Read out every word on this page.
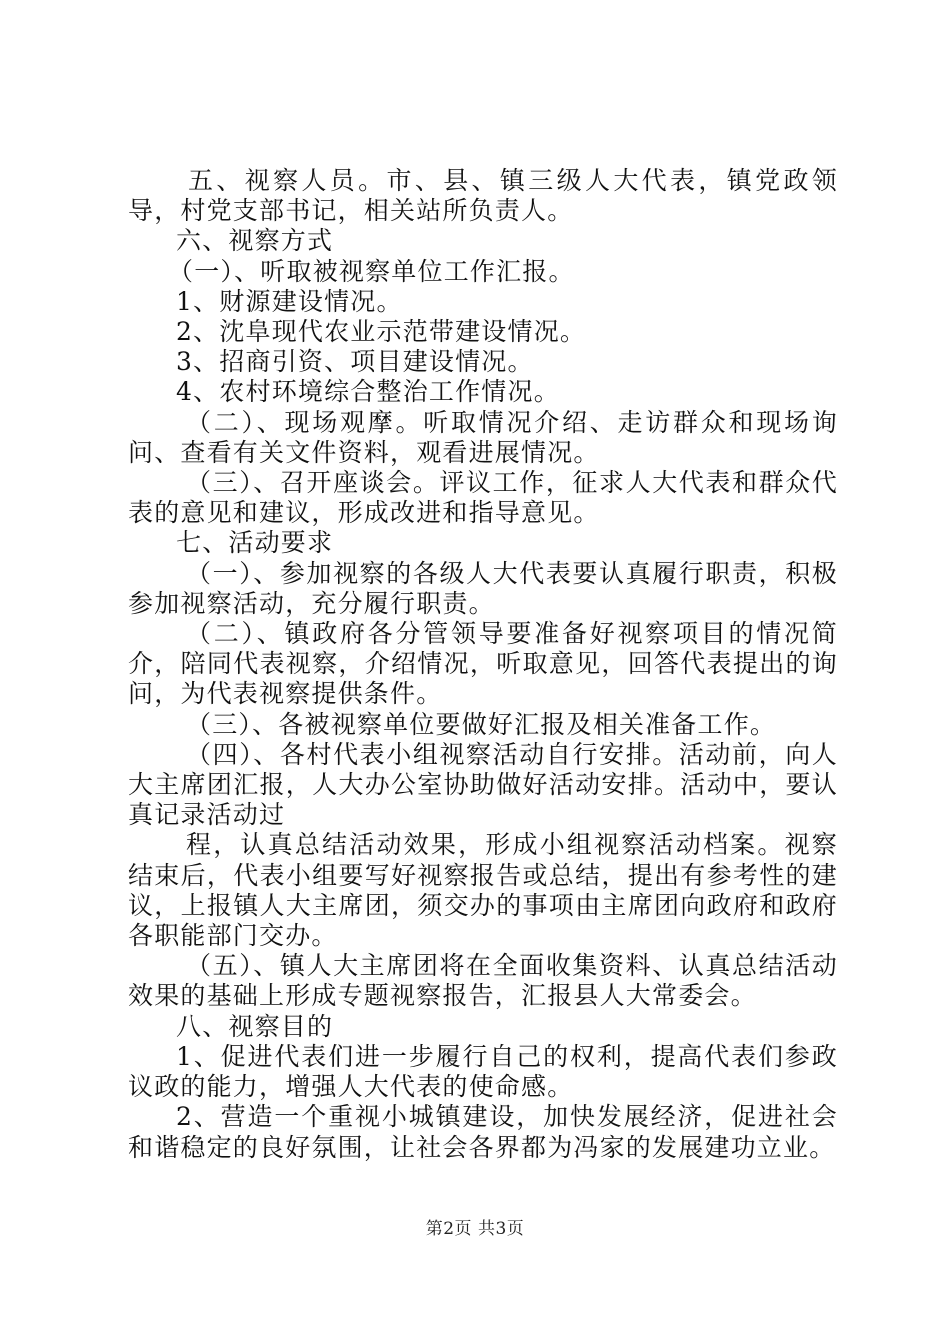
五、视察人员。市、县、镇三级人大代表，镇党政领导，村党支部书记，相关站所负责人。

六、视察方式

（一）、听取被视察单位工作汇报。

1、财源建设情况。

2、沈阜现代农业示范带建设情况。

3、招商引资、项目建设情况。

4、农村环境综合整治工作情况。

（二）、现场观摩。听取情况介绍、走访群众和现场询问、查看有关文件资料，观看进展情况。

（三）、召开座谈会。评议工作，征求人大代表和群众代表的意见和建议，形成改进和指导意见。

七、活动要求

（一）、参加视察的各级人大代表要认真履行职责，积极参加视察活动，充分履行职责。

（二）、镇政府各分管领导要准备好视察项目的情况简介，陪同代表视察，介绍情况，听取意见，回答代表提出的询问，为代表视察提供条件。

（三）、各被视察单位要做好汇报及相关准备工作。

（四）、各村代表小组视察活动自行安排。活动前，向人大主席团汇报，人大办公室协助做好活动安排。活动中，要认真记录活动过

程，认真总结活动效果，形成小组视察活动档案。视察结束后，代表小组要写好视察报告或总结，提出有参考性的建议，上报镇人大主席团，须交办的事项由主席团向政府和政府各职能部门交办。

（五）、镇人大主席团将在全面收集资料、认真总结活动效果的基础上形成专题视察报告，汇报县人大常委会。

八、视察目的

1、促进代表们进一步履行自己的权利，提高代表们参政议政的能力，增强人大代表的使命感。

2、营造一个重视小城镇建设，加快发展经济，促进社会和谐稳定的良好氛围，让社会各界都为冯家的发展建功立业。

第2页 共3页
